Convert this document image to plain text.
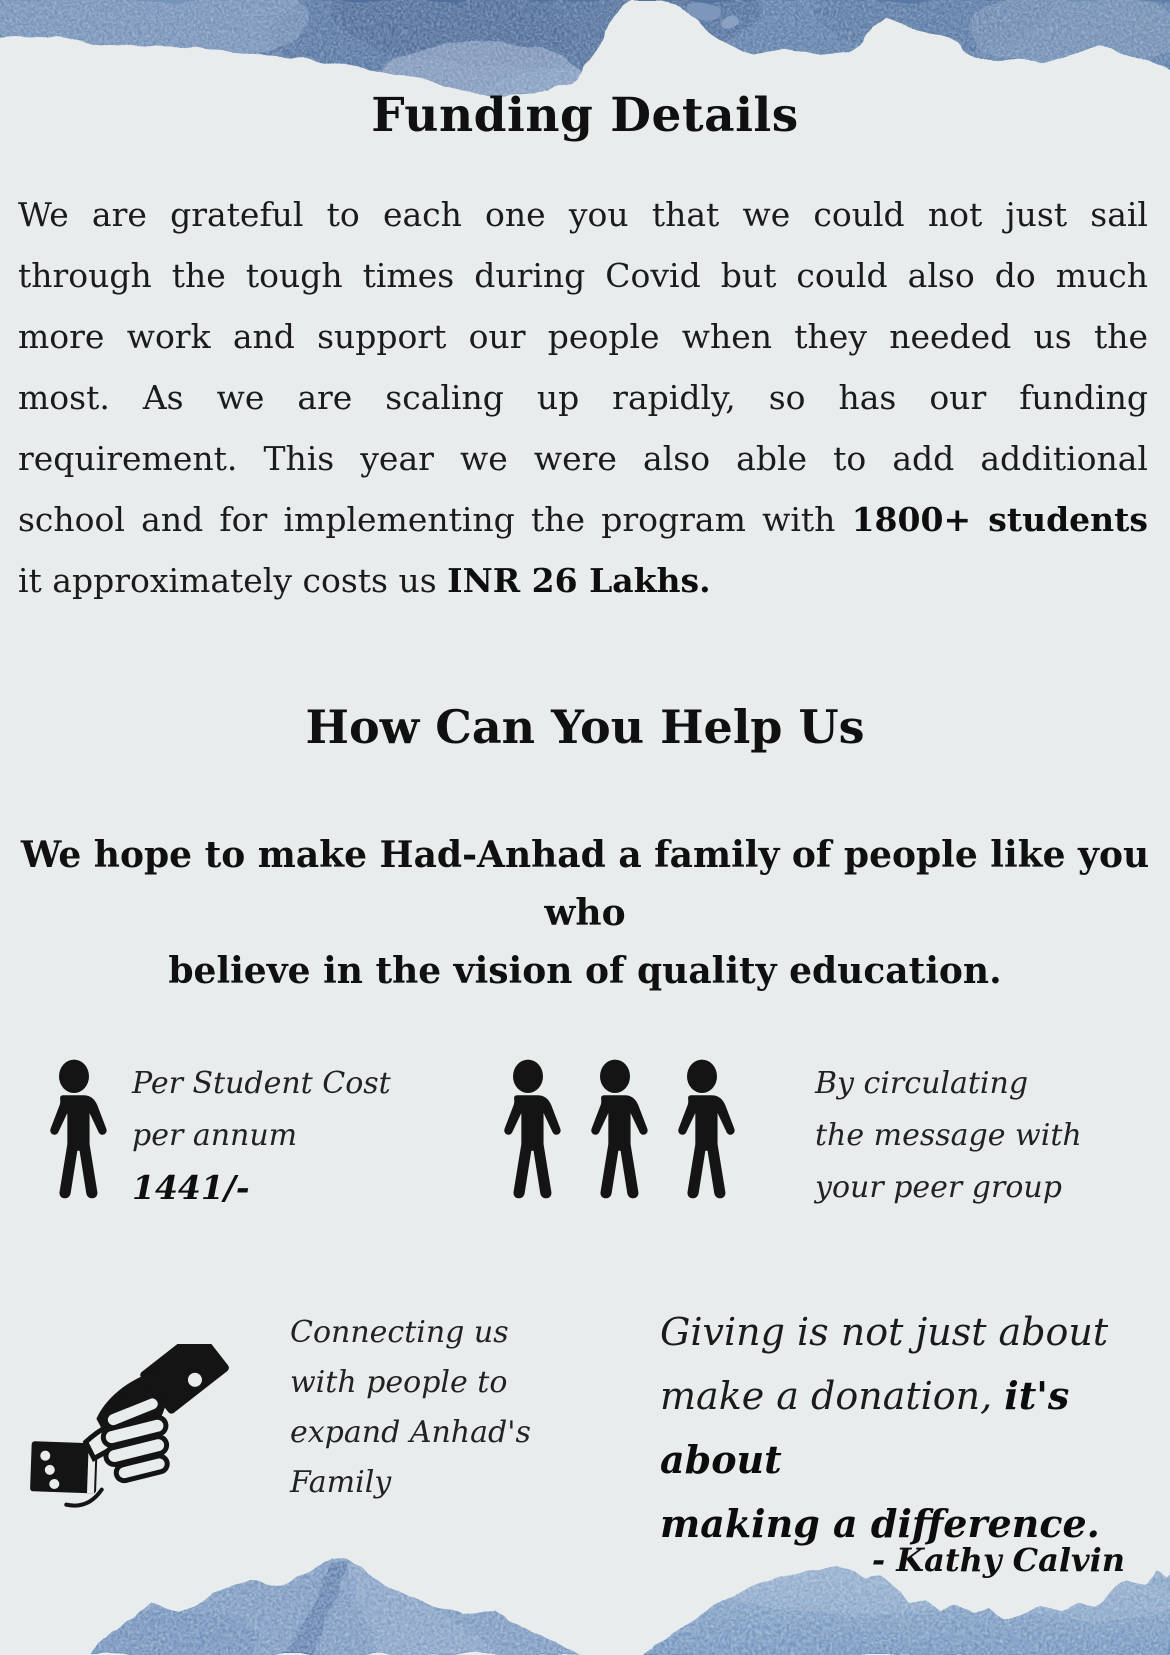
Funding Details
We are grateful to each one you that we could not just sail
through the tough times during Covid but could also do much
more work and support our people when they needed us the
most. As we are scaling up rapidly, so has our funding
requirement. This year we were also able to add additional
school and for implementing the program with 1800+ students
it approximately costs us INR 26 Lakhs.
How Can You Help Us
We hope to make Had-Anhad a family of people like you who
believe in the vision of quality education.
Per Student Cost
per annum
1441/-
By circulating
the message with
your peer group
Connecting us
with people to
expand Anhad's
Family
Giving is not just about
make a donation, it's about
making a difference.
- Kathy Calvin
